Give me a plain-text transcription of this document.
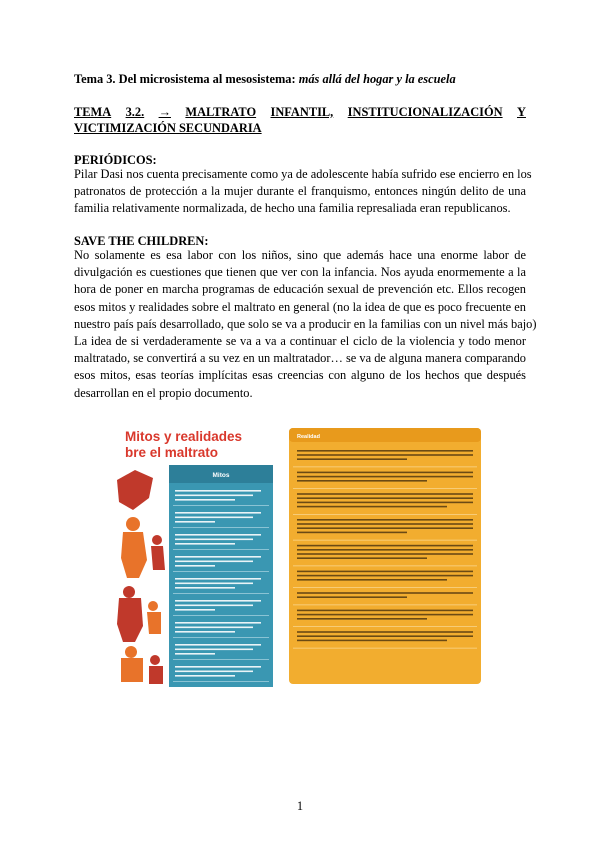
Tema 3. Del microsistema al mesosistema: más allá del hogar y la escuela
TEMA 3.2. → MALTRATO INFANTIL, INSTITUCIONALIZACIÓN Y
VICTIMIZACIÓN SECUNDARIA
PERIÓDICOS:
Pilar Dasi nos cuenta precisamente como ya de adolescente había sufrido ese encierro en los
patronatos de protección a la mujer durante el franquismo, entonces ningún delito de una
familia relativamente normalizada, de hecho una familia represaliada eran republicanos.
SAVE THE CHILDREN:
No solamente es esa labor con los niños, sino que además hace una enorme labor de
divulgación es cuestiones que tienen que ver con la infancia. Nos ayuda enormemente a la
hora de poner en marcha programas de educación sexual de prevención etc. Ellos recogen
esos mitos y realidades sobre el maltrato en general (no la idea de que es poco frecuente en
nuestro país país desarrollado, que solo se va a producir en la familias con un nivel más bajo)
La idea de si verdaderamente se va a va a continuar el ciclo de la violencia y todo menor
maltratado, se convertirá a su vez en un maltratador… se va de alguna manera comparando
esos mitos, esas teorías implícitas esas creencias con alguno de los hechos que después
desarrollan en el propio documento.
Mitos y realidades
bre el maltrato
Mitos
Realidad
1
